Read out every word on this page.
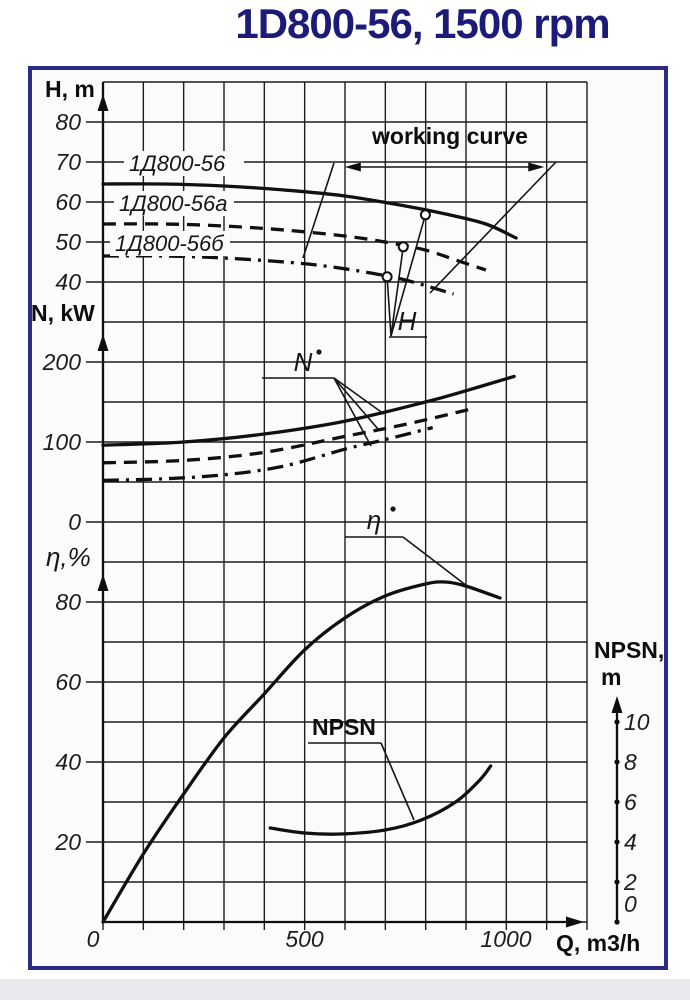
1D800-56, 1500 rpm
80
70
60
50
40
200
100
0
80
60
40
20
0	500	1000
H, m
N, kW
η,%
Q, m3/h
10
8
6
4
2
0
NPSN,
m
1Д800-56
1Д800-56а
1Д800-56б
working curve
H
N
η
NPSN
